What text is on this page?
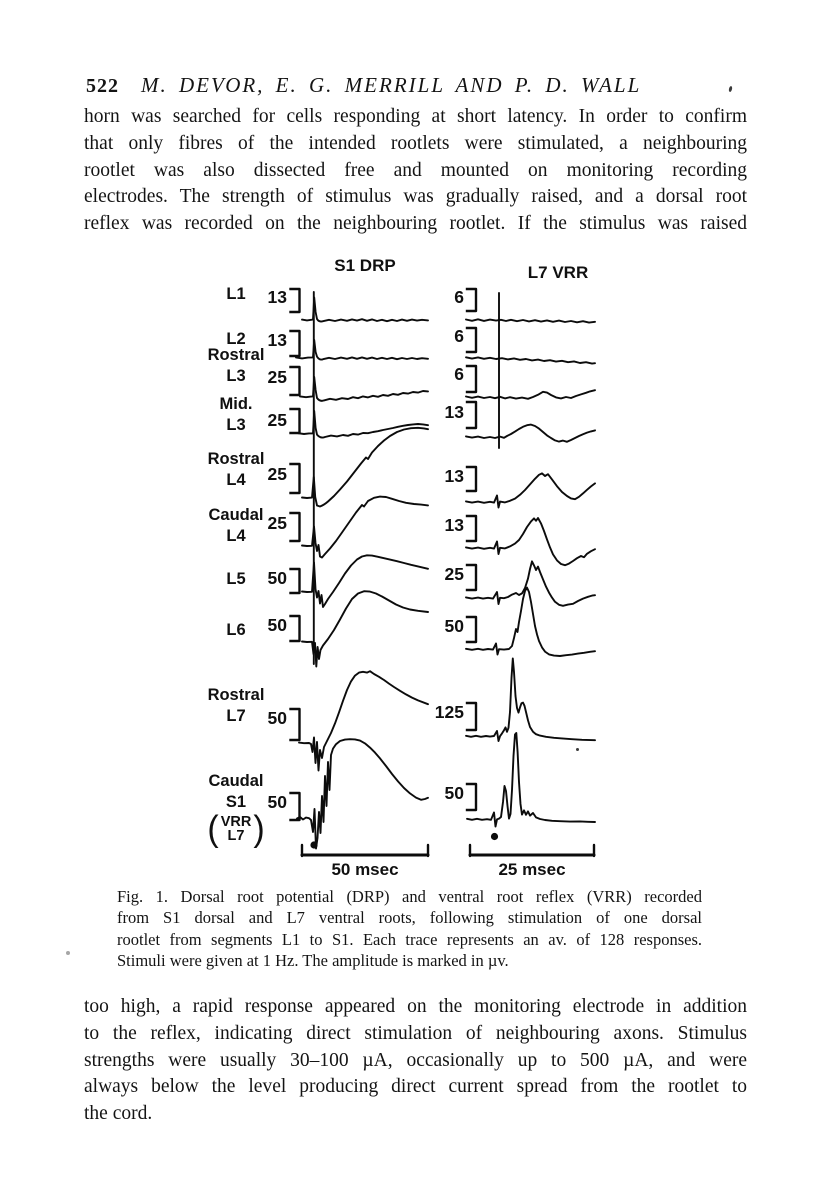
522 M. DEVOR, E. G. MERRILL AND P. D. WALL
horn was searched for cells responding at short latency. In order to confirm
that only fibres of the intended rootlets were stimulated, a neighbouring
rootlet was also dissected free and mounted on monitoring recording
electrodes. The strength of stimulus was gradually raised, and a dorsal root
reflex was recorded on the neighbouring rootlet. If the stimulus was raised
S1 DRP	L7 VRR
L1
L2
Rostral
L3
Mid.
L3
Rostral
L4
Caudal
L4
L5
L6
Rostral
L7
Caudal
S1
( VRR
L7 )
13
13
25
25
25
25
50
50
50
50
6
6
6
13
13
13
25
50
125
50
50 msec	25 msec
Fig. 1. Dorsal root potential (DRP) and ventral root reflex (VRR) recorded
from S1 dorsal and L7 ventral roots, following stimulation of one dorsal
rootlet from segments L1 to S1. Each trace represents an av. of 128 responses.
Stimuli were given at 1 Hz. The amplitude is marked in µv.
too high, a rapid response appeared on the monitoring electrode in addition
to the reflex, indicating direct stimulation of neighbouring axons. Stimulus
strengths were usually 30–100 µA, occasionally up to 500 µA, and were
always below the level producing direct current spread from the rootlet to
the cord.
